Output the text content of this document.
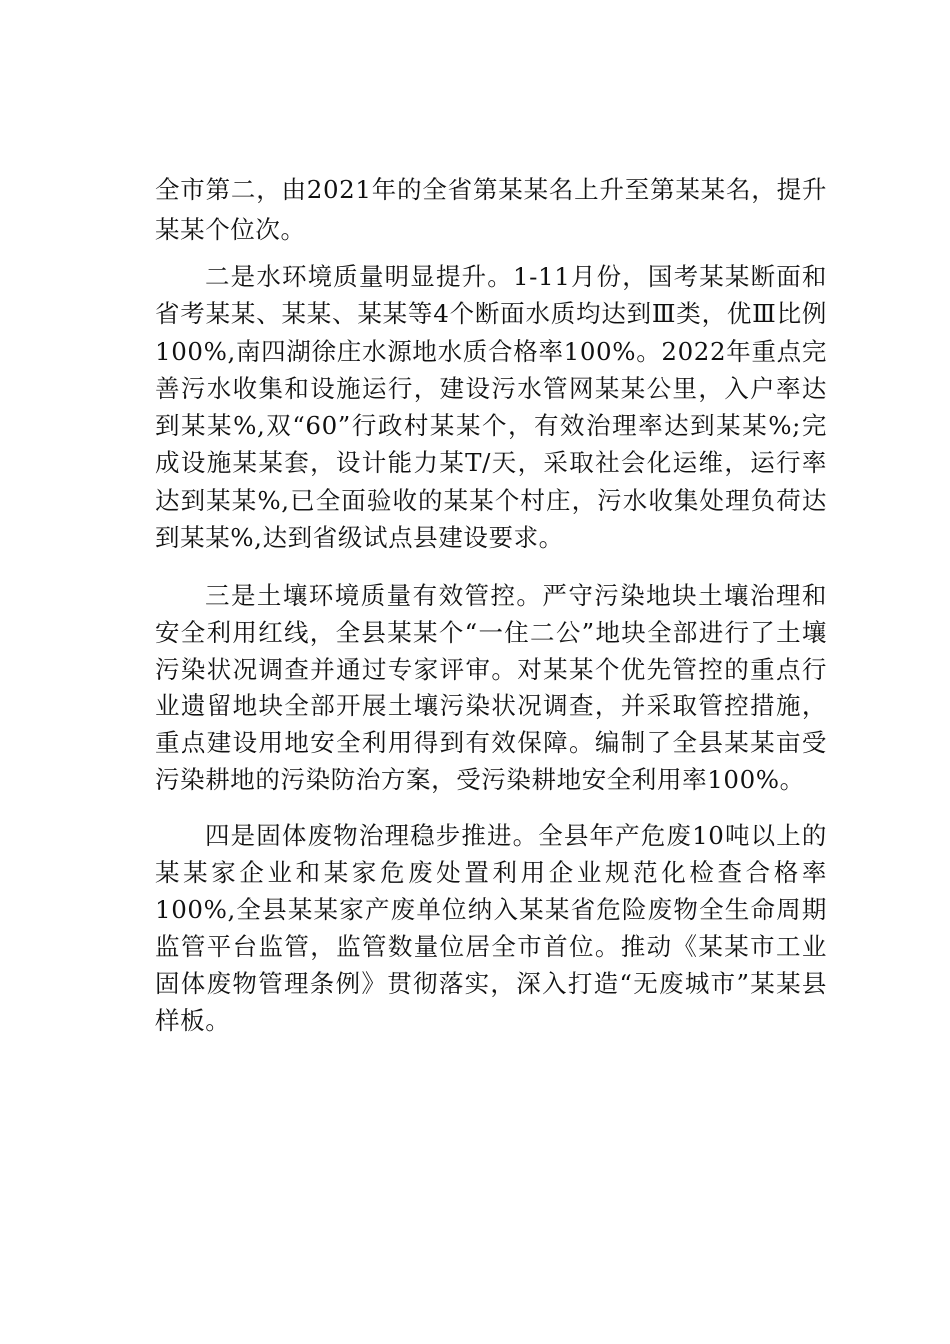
全市第二，由2021年的全省第某某名上升至第某某名，提升某某个位次。

二是水环境质量明显提升。1-11月份，国考某某断面和省考某某、某某、某某等4个断面水质均达到Ⅲ类，优Ⅲ比例100%,南四湖徐庄水源地水质合格率100%。2022年重点完善污水收集和设施运行，建设污水管网某某公里，入户率达到某某%,双“60”行政村某某个，有效治理率达到某某%;完成设施某某套，设计能力某T/天，采取社会化运维，运行率达到某某%,已全面验收的某某个村庄，污水收集处理负荷达到某某%,达到省级试点县建设要求。

三是土壤环境质量有效管控。严守污染地块土壤治理和安全利用红线，全县某某个“一住二公”地块全部进行了土壤污染状况调查并通过专家评审。对某某个优先管控的重点行业遗留地块全部开展土壤污染状况调查，并采取管控措施，重点建设用地安全利用得到有效保障。编制了全县某某亩受污染耕地的污染防治方案，受污染耕地安全利用率100%。

四是固体废物治理稳步推进。全县年产危废10吨以上的某某家企业和某家危废处置利用企业规范化检查合格率100%,全县某某家产废单位纳入某某省危险废物全生命周期监管平台监管，监管数量位居全市首位。推动《某某市工业固体废物管理条例》贯彻落实，深入打造“无废城市”某某县样板。
